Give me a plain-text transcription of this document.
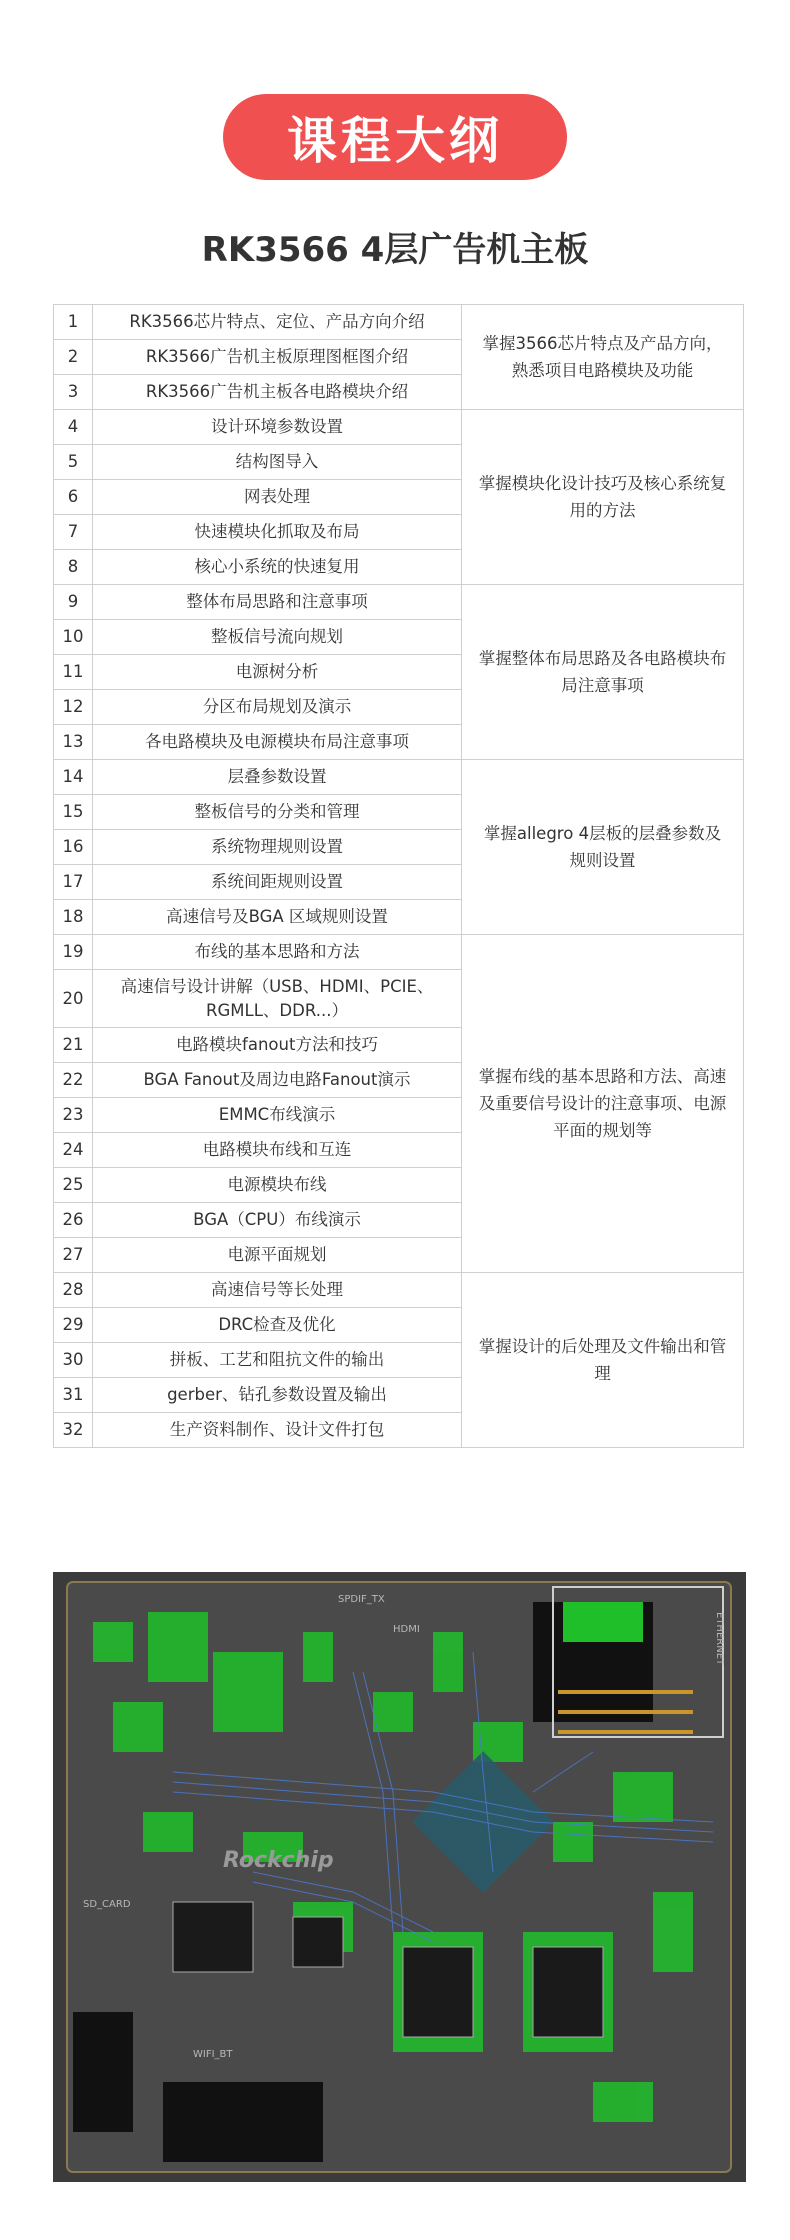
课程大纲
RK3566 4层广告机主板
1	RK3566芯片特点、定位、产品方向介绍	掌握3566芯片特点及产品方向，熟悉项目电路模块及功能
2	RK3566广告机主板原理图框图介绍	
3	RK3566广告机主板各电路模块介绍	
4	设计环境参数设置	掌握模块化设计技巧及核心系统复用的方法
5	结构图导入	
6	网表处理	
7	快速模块化抓取及布局	
8	核心小系统的快速复用	
9	整体布局思路和注意事项	掌握整体布局思路及各电路模块布局注意事项
10	整板信号流向规划	
11	电源树分析	
12	分区布局规划及演示	
13	各电路模块及电源模块布局注意事项	
14	层叠参数设置	掌握allegro 4层板的层叠参数及规则设置
15	整板信号的分类和管理	
16	系统物理规则设置	
17	系统间距规则设置	
18	高速信号及BGA 区域规则设置	
19	布线的基本思路和方法	掌握布线的基本思路和方法、高速及重要信号设计的注意事项、电源平面的规划等
20	高速信号设计讲解（USB、HDMI、PCIE、RGMLL、DDR...）	
21	电路模块fanout方法和技巧	
22	BGA Fanout及周边电路Fanout演示	
23	EMMC布线演示	
24	电路模块布线和互连	
25	电源模块布线	
26	BGA（CPU）布线演示	
27	电源平面规划	
28	高速信号等长处理	掌握设计的后处理及文件输出和管理
29	DRC检查及优化	
30	拼板、工艺和阻抗文件的输出	
31	gerber、钻孔参数设置及输出	
32	生产资料制作、设计文件打包	
SPDIF_TX
HDMI	ETHERNET
SD_CARD
Rockchip
WIFI_BT
